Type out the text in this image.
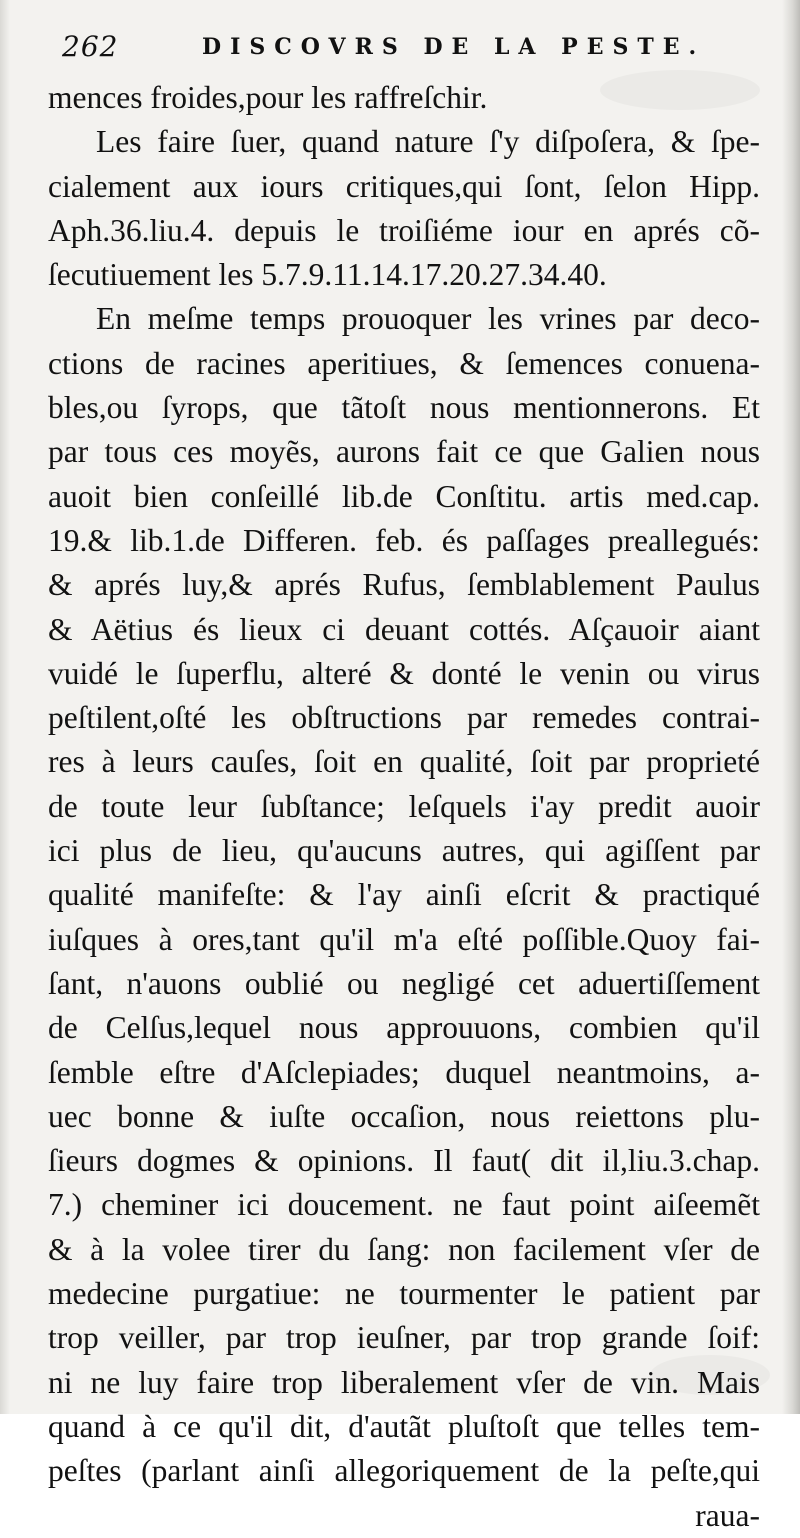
262	DISCOVRS DE LA PESTE.
mences froides,pour les raffreſchir.
Les faire ſuer, quand nature ſ'y diſpoſera, & ſpe-
cialement aux iours critiques,qui ſont, ſelon Hipp.
Aph.36.liu.4. depuis le troiſiéme iour en aprés cõ-
ſecutiuement les 5.7.9.11.14.17.20.27.34.40.
En meſme temps prouoquer les vrines par deco-
ctions de racines aperitiues, & ſemences conuena-
bles,ou ſyrops, que tãtoſt nous mentionnerons. Et
par tous ces moyẽs, aurons fait ce que Galien nous
auoit bien conſeillé lib.de Conſtitu. artis med.cap.
19.& lib.1.de Differen. feb. és paſſages preallegués:
& aprés luy,& aprés Rufus, ſemblablement Paulus
& Aëtius és lieux ci deuant cottés. Aſçauoir aiant
vuidé le ſuperflu, alteré & donté le venin ou virus
peſtilent,oſté les obſtructions par remedes contrai-
res à leurs cauſes, ſoit en qualité, ſoit par proprieté
de toute leur ſubſtance; leſquels i'ay predit auoir
ici plus de lieu, qu'aucuns autres, qui agiſſent par
qualité manifeſte: & l'ay ainſi eſcrit & practiqué
iuſques à ores,tant qu'il m'a eſté poſſible.Quoy fai-
ſant, n'auons oublié ou negligé cet aduertiſſement
de Celſus,lequel nous approuuons, combien qu'il
ſemble eſtre d'Aſclepiades; duquel neantmoins, a-
uec bonne & iuſte occaſion, nous reiettons plu-
ſieurs dogmes & opinions. Il faut( dit il,liu.3.chap.
7.) cheminer ici doucement. ne faut point aiſeemẽt
& à la volee tirer du ſang: non facilement vſer de
medecine purgatiue: ne tourmenter le patient par
trop veiller, par trop ieuſner, par trop grande ſoif:
ni ne luy faire trop liberalement vſer de vin. Mais
quand à ce qu'il dit, d'autãt pluſtoſt que telles tem-
peſtes (parlant ainſi allegoriquement de la peſte,qui
raua-
